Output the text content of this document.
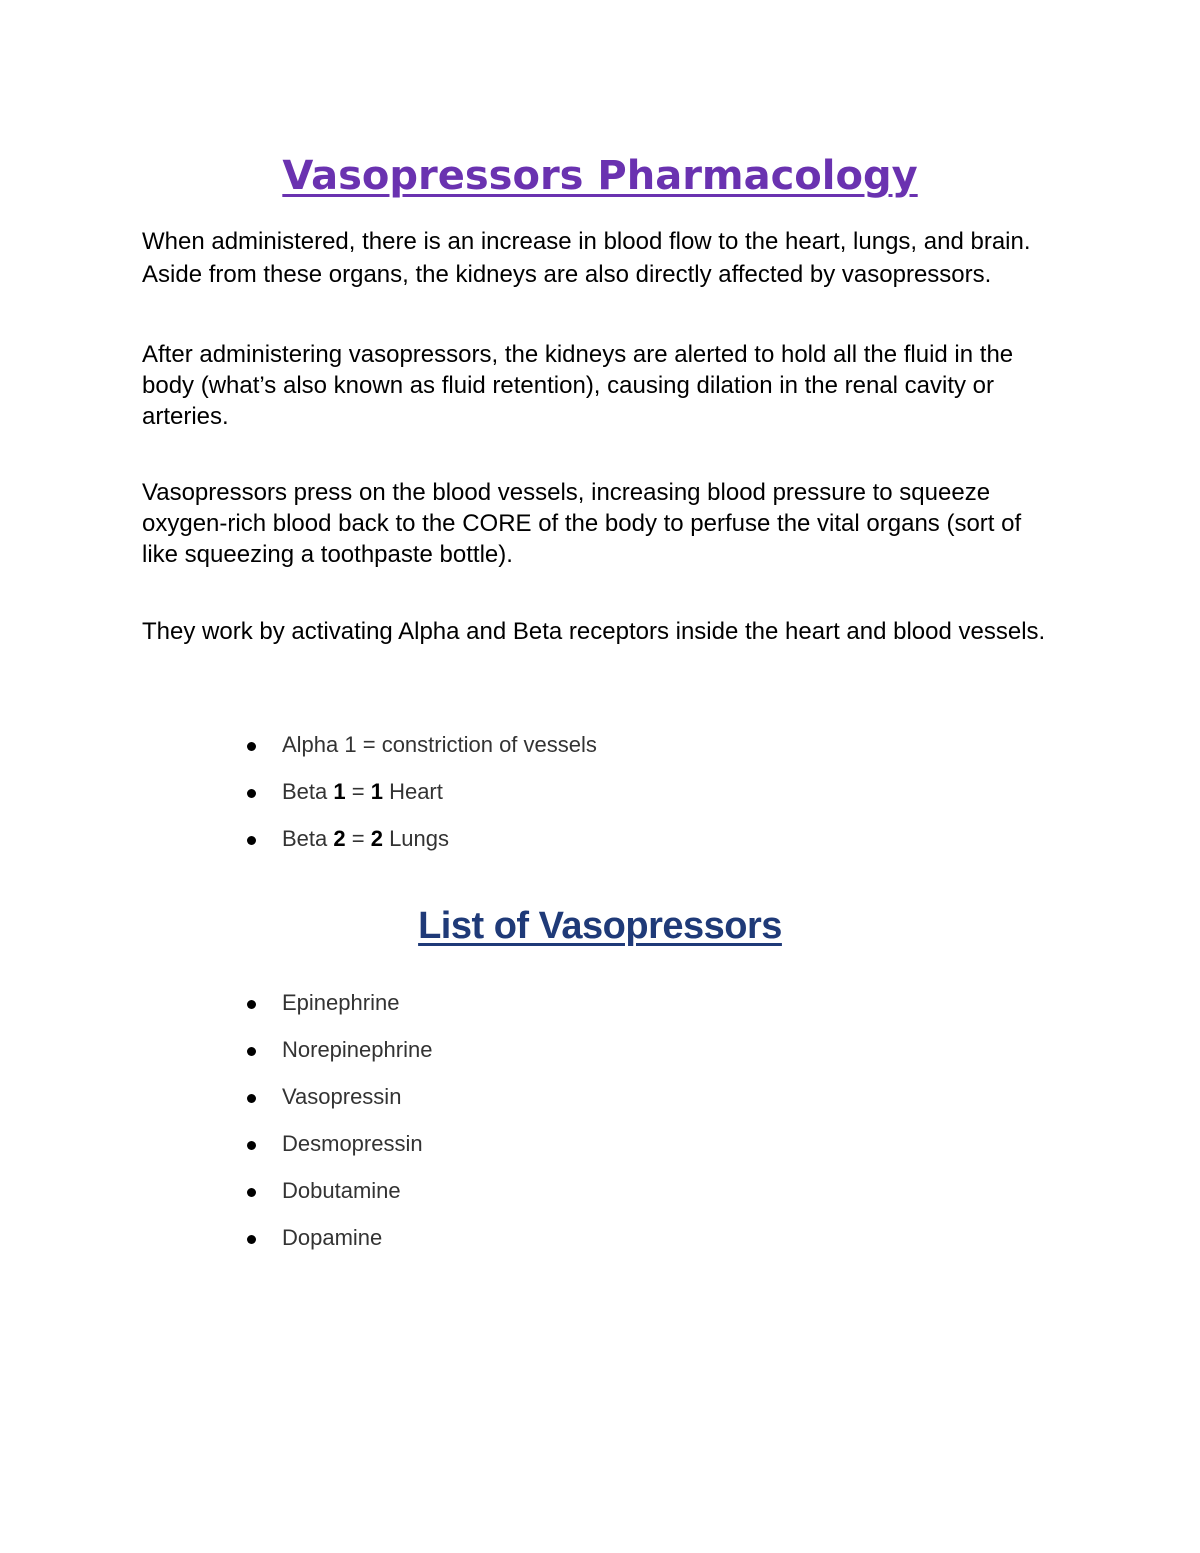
Vasopressors Pharmacology

When administered, there is an increase in blood flow to the heart, lungs, and brain. Aside from these organs, the kidneys are also directly affected by vasopressors.

After administering vasopressors, the kidneys are alerted to hold all the fluid in the body (what’s also known as fluid retention), causing dilation in the renal cavity or arteries.

Vasopressors press on the blood vessels, increasing blood pressure to squeeze oxygen-rich blood back to the CORE of the body to perfuse the vital organs (sort of like squeezing a toothpaste bottle).

They work by activating Alpha and Beta receptors inside the heart and blood vessels.

Alpha 1 = constriction of vessels
Beta 1 = 1 Heart
Beta 2 = 2 Lungs
List of Vasopressors
Epinephrine
Norepinephrine
Vasopressin
Desmopressin
Dobutamine
Dopamine
